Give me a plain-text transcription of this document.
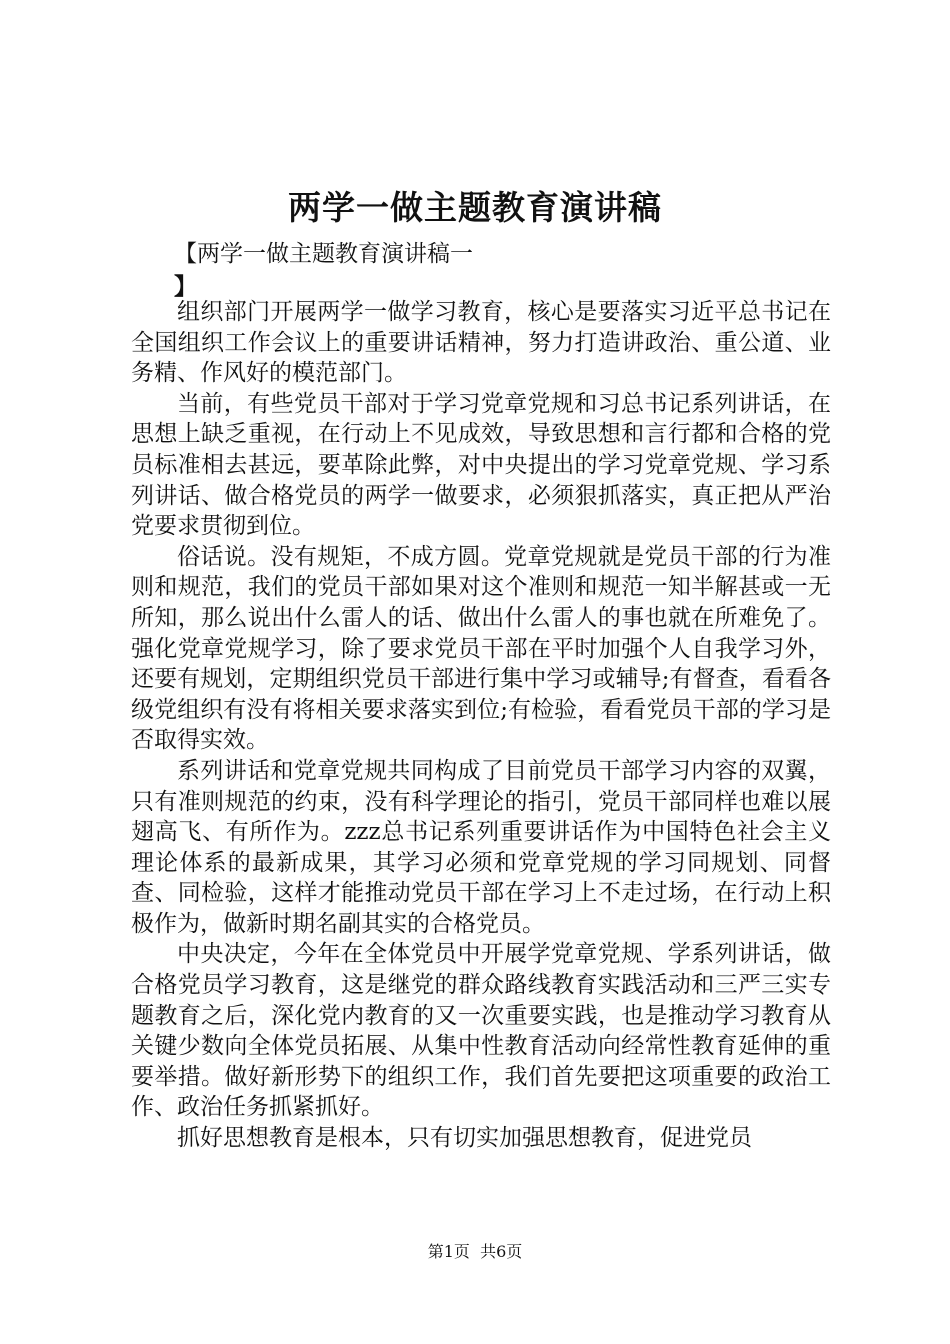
两学一做主题教育演讲稿
【两学一做主题教育演讲稿一
】

组织部门开展两学一做学习教育，核心是要落实习近平总书记在全国组织工作会议上的重要讲话精神，努力打造讲政治、重公道、业务精、作风好的模范部门。

当前，有些党员干部对于学习党章党规和习总书记系列讲话，在思想上缺乏重视，在行动上不见成效，导致思想和言行都和合格的党员标准相去甚远，要革除此弊，对中央提出的学习党章党规、学习系列讲话、做合格党员的两学一做要求，必须狠抓落实，真正把从严治党要求贯彻到位。

俗话说。没有规矩，不成方圆。党章党规就是党员干部的行为准则和规范，我们的党员干部如果对这个准则和规范一知半解甚或一无所知，那么说出什么雷人的话、做出什么雷人的事也就在所难免了。强化党章党规学习，除了要求党员干部在平时加强个人自我学习外，还要有规划，定期组织党员干部进行集中学习或辅导;有督查，看看各级党组织有没有将相关要求落实到位;有检验，看看党员干部的学习是否取得实效。

系列讲话和党章党规共同构成了目前党员干部学习内容的双翼，只有准则规范的约束，没有科学理论的指引，党员干部同样也难以展翅高飞、有所作为。zzz总书记系列重要讲话作为中国特色社会主义理论体系的最新成果，其学习必须和党章党规的学习同规划、同督查、同检验，这样才能推动党员干部在学习上不走过场，在行动上积极作为，做新时期名副其实的合格党员。

中央决定，今年在全体党员中开展学党章党规、学系列讲话，做合格党员学习教育，这是继党的群众路线教育实践活动和三严三实专题教育之后，深化党内教育的又一次重要实践，也是推动学习教育从关键少数向全体党员拓展、从集中性教育活动向经常性教育延伸的重要举措。做好新形势下的组织工作，我们首先要把这项重要的政治工作、政治任务抓紧抓好。

抓好思想教育是根本，只有切实加强思想教育，促进党员

第1页 共6页
